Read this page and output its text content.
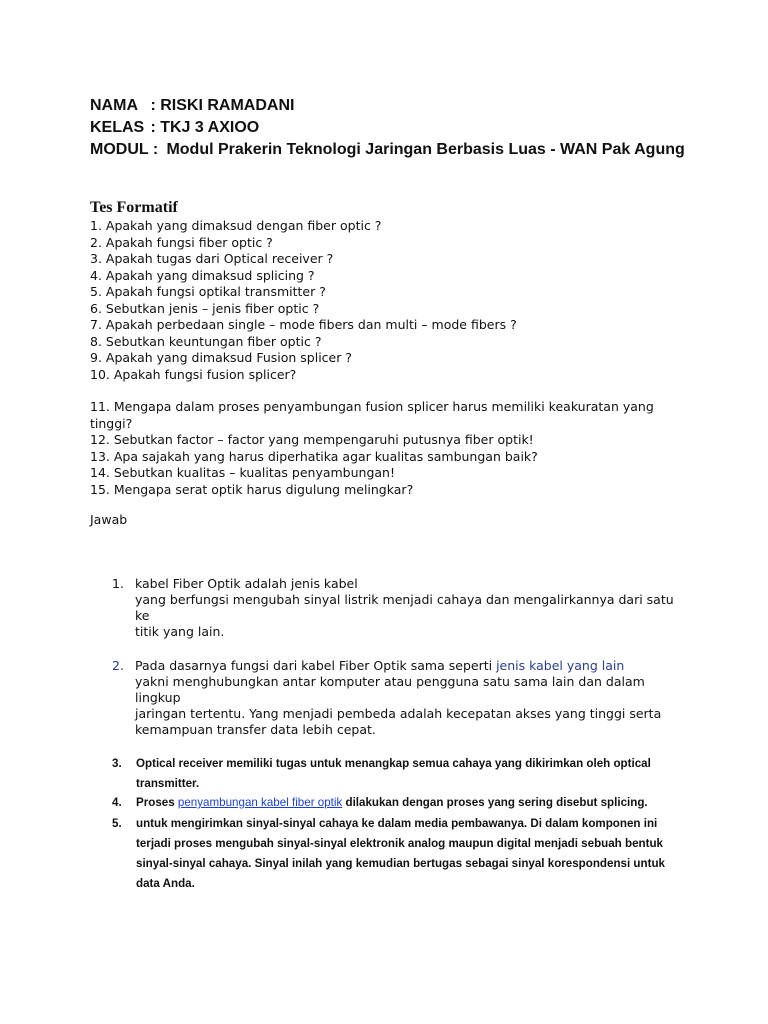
NAMA : RISKI RAMADANI
KELAS : TKJ 3 AXIOO
MODUL : Modul Prakerin Teknologi Jaringan Berbasis Luas - WAN Pak Agung
Tes Formatif
1. Apakah yang dimaksud dengan fiber optic ?
2. Apakah fungsi fiber optic ?
3. Apakah tugas dari Optical receiver ?
4. Apakah yang dimaksud splicing ?
5. Apakah fungsi optikal transmitter ?
6. Sebutkan jenis – jenis fiber optic ?
7. Apakah perbedaan single – mode fibers dan multi – mode fibers ?
8. Sebutkan keuntungan fiber optic ?
9. Apakah yang dimaksud Fusion splicer ?
10. Apakah fungsi fusion splicer?
11. Mengapa dalam proses penyambungan fusion splicer harus memiliki keakuratan yang
tinggi?
12. Sebutkan factor – factor yang mempengaruhi putusnya fiber optik!
13. Apa sajakah yang harus diperhatika agar kualitas sambungan baik?
14. Sebutkan kualitas – kualitas penyambungan!
15. Mengapa serat optik harus digulung melingkar?
Jawab
1. kabel Fiber Optik adalah jenis kabel
yang berfungsi mengubah sinyal listrik menjadi cahaya dan mengalirkannya dari satu
ke
titik yang lain.
2. Pada dasarnya fungsi dari kabel Fiber Optik sama seperti jenis kabel yang lain
yakni menghubungkan antar komputer atau pengguna satu sama lain dan dalam
lingkup
jaringan tertentu. Yang menjadi pembeda adalah kecepatan akses yang tinggi serta
kemampuan transfer data lebih cepat.
3. Optical receiver memiliki tugas untuk menangkap semua cahaya yang dikirimkan oleh optical
transmitter.
4. Proses penyambungan kabel fiber optik dilakukan dengan proses yang sering disebut splicing.
5. untuk mengirimkan sinyal-sinyal cahaya ke dalam media pembawanya. Di dalam komponen ini
terjadi proses mengubah sinyal-sinyal elektronik analog maupun digital menjadi sebuah bentuk
sinyal-sinyal cahaya. Sinyal inilah yang kemudian bertugas sebagai sinyal korespondensi untuk
data Anda.
